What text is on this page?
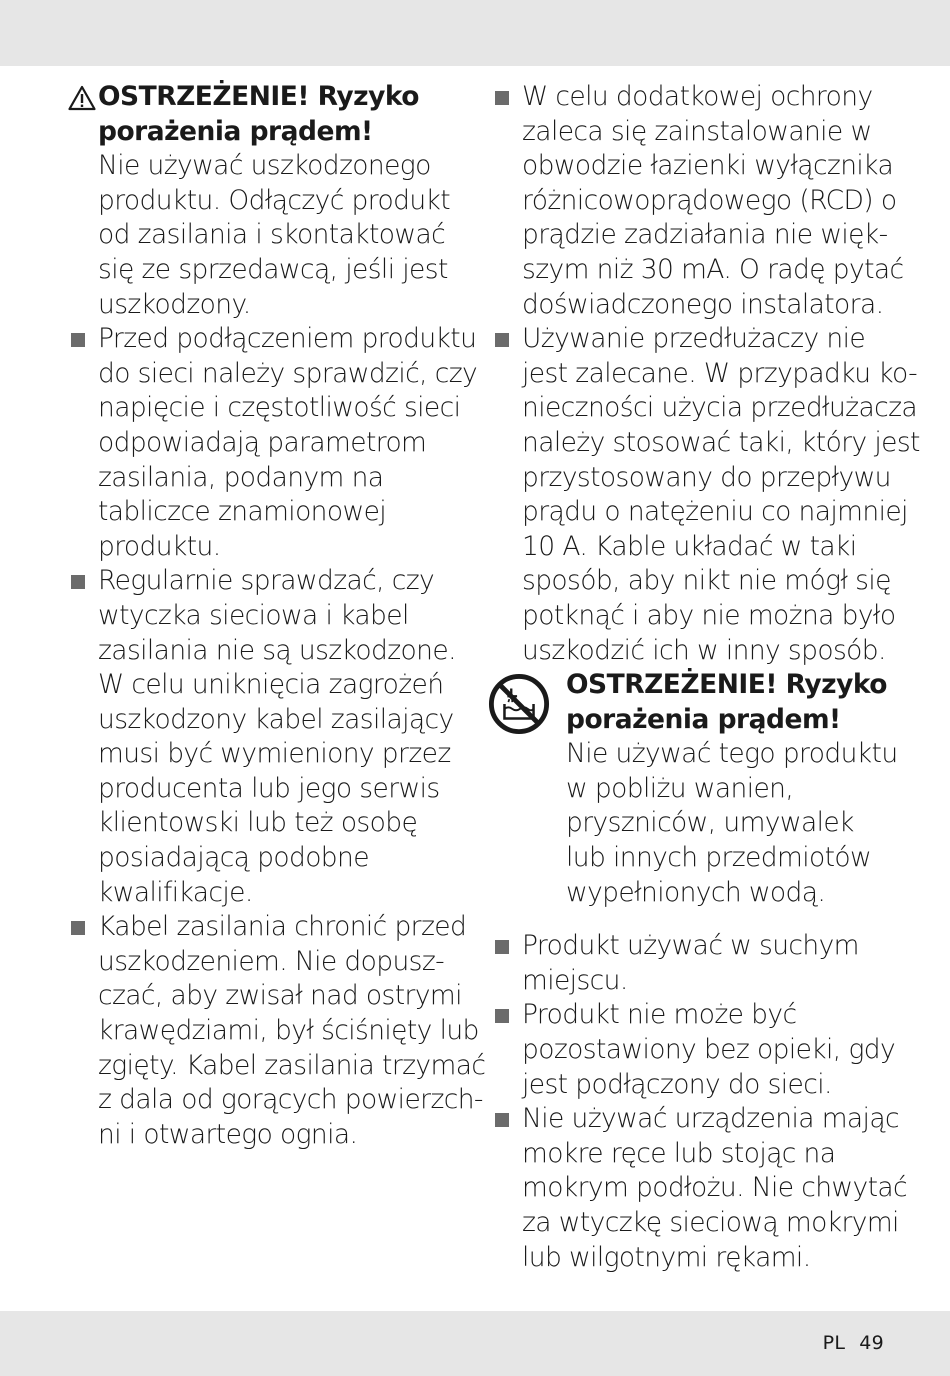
OSTRZEŻENIE! Ryzyko
porażenia prądem!
Nie używać uszkodzonego
produktu. Odłączyć produkt
od zasilania i skontaktować
się ze sprzedawcą, jeśli jest
uszkodzony.
Przed podłączeniem produktu
do sieci należy sprawdzić, czy
napięcie i częstotliwość sieci
odpowiadają parametrom
zasilania, podanym na
tabliczce znamionowej
produktu.
Regularnie sprawdzać, czy
wtyczka sieciowa i kabel
zasilania nie są uszkodzone.
W celu uniknięcia zagrożeń
uszkodzony kabel zasilający
musi być wymieniony przez
producenta lub jego serwis
klientowski lub też osobę
posiadającą podobne
kwalifikacje.
Kabel zasilania chronić przed
uszkodzeniem. Nie dopusz-
czać, aby zwisał nad ostrymi
krawędziami, był ściśnięty lub
zgięty. Kabel zasilania trzymać
z dala od gorących powierzch-
ni i otwartego ognia.
W celu dodatkowej ochrony
zaleca się zainstalowanie w
obwodzie łazienki wyłącznika
różnicowoprądowego (RCD) o
prądzie zadziałania nie więk-
szym niż 30 mA. O radę pytać
doświadczonego instalatora.
Używanie przedłużaczy nie
jest zalecane. W przypadku ko-
nieczności użycia przedłużacza
należy stosować taki, który jest
przystosowany do przepływu
prądu o natężeniu co najmniej
10 A. Kable układać w taki
sposób, aby nikt nie mógł się
potknąć i aby nie można było
uszkodzić ich w inny sposób.
OSTRZEŻENIE! Ryzyko
porażenia prądem!
Nie używać tego produktu
w pobliżu wanien,
pryszniców, umywalek
lub innych przedmiotów
wypełnionych wodą.
Produkt używać w suchym
miejscu.
Produkt nie może być
pozostawiony bez opieki, gdy
jest podłączony do sieci.
Nie używać urządzenia mając
mokre ręce lub stojąc na
mokrym podłożu. Nie chwytać
za wtyczkę sieciową mokrymi
lub wilgotnymi rękami.
PL 49
